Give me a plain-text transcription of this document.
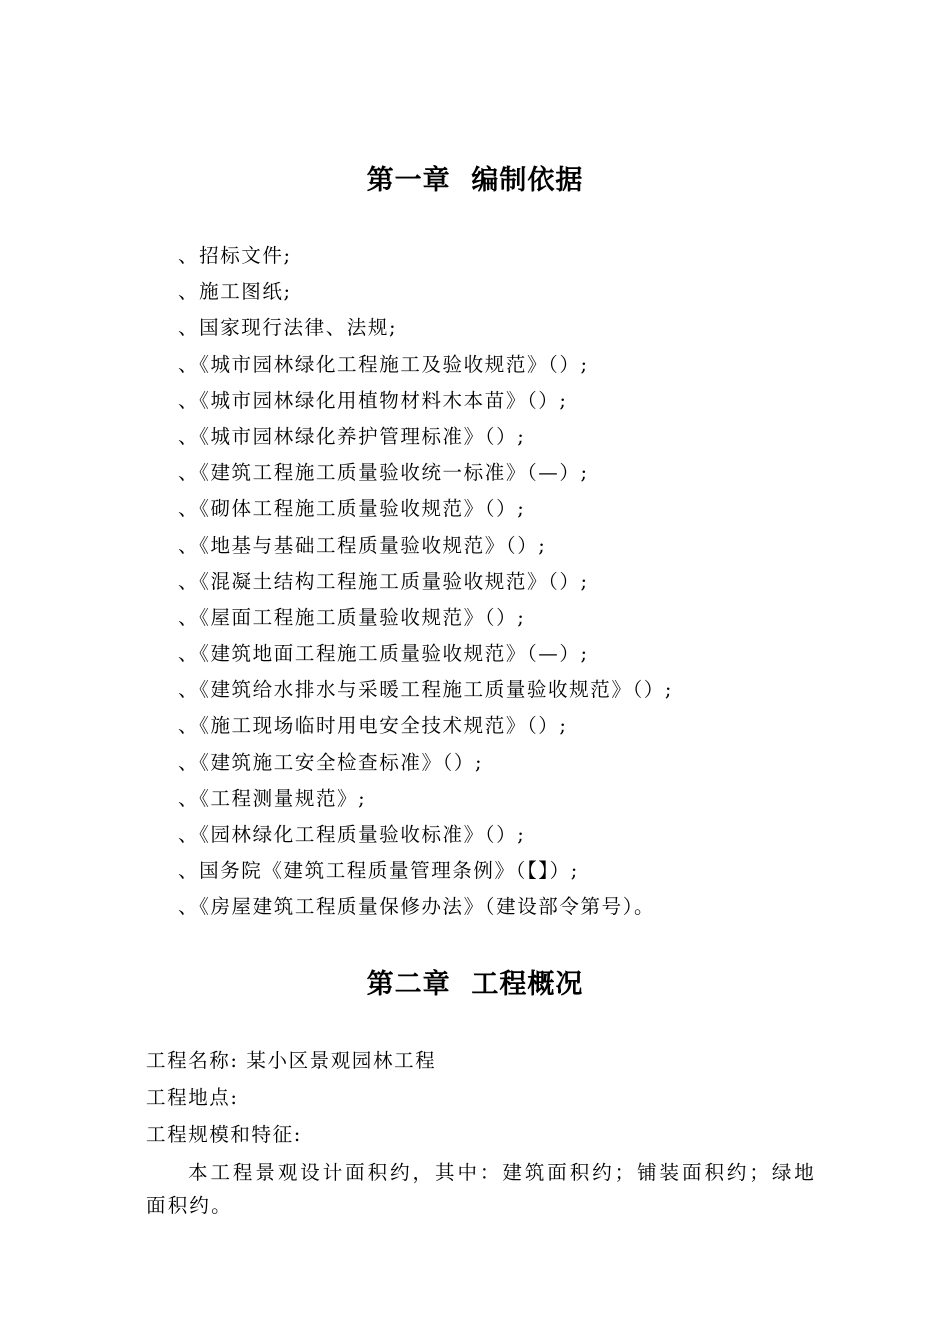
第一章  编制依据
、招标文件;
、施工图纸;
、国家现行法律、法规;
、《城市园林绿化工程施工及验收规范》（）;
、《城市园林绿化用植物材料木本苗》（）;
、《城市园林绿化养护管理标准》（）;
、《建筑工程施工质量验收统一标准》（—）;
、《砌体工程施工质量验收规范》（）;
、《地基与基础工程质量验收规范》（）;
、《混凝土结构工程施工质量验收规范》（）;
、《屋面工程施工质量验收规范》（）;
、《建筑地面工程施工质量验收规范》（—）;
、《建筑给水排水与采暖工程施工质量验收规范》（）;
、《施工现场临时用电安全技术规范》（）;
、《建筑施工安全检查标准》（）;
、《工程测量规范》;
、《园林绿化工程质量验收标准》（）;
、国务院《建筑工程质量管理条例》（【】）;
、《房屋建筑工程质量保修办法》（建设部令第号）。
第二章  工程概况
工程名称: 某小区景观园林工程
工程地点:
工程规模和特征:
本工程景观设计面积约，其中：建筑面积约；铺装面积约；绿地面积约。
